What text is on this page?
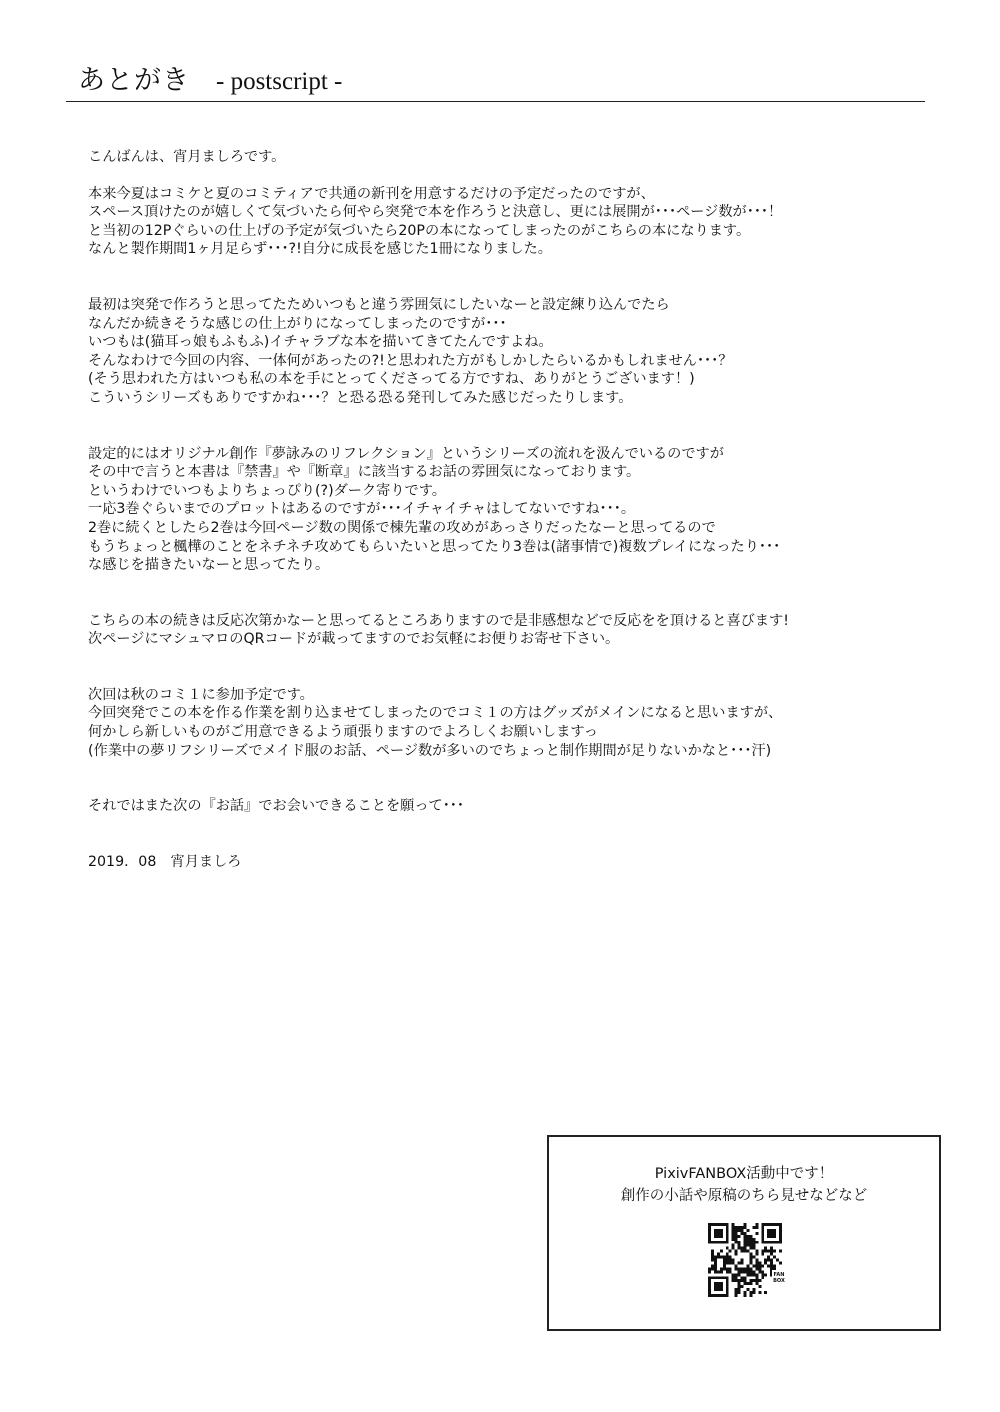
あとがき - postscript -
こんばんは、宵月ましろです。
本来今夏はコミケと夏のコミティアで共通の新刊を用意するだけの予定だったのですが、
スペース頂けたのが嬉しくて気づいたら何やら突発で本を作ろうと決意し、更には展開が･･･ページ数が･･･！
と当初の12Pぐらいの仕上げの予定が気づいたら20Pの本になってしまったのがこちらの本になります。
なんと製作期間1ヶ月足らず･･･?!自分に成長を感じた1冊になりました。
最初は突発で作ろうと思ってたためいつもと違う雰囲気にしたいなーと設定練り込んでたら
なんだか続きそうな感じの仕上がりになってしまったのですが･･･
いつもは(猫耳っ娘もふもふ)イチャラブな本を描いてきてたんですよね。
そんなわけで今回の内容、一体何があったの?!と思われた方がもしかしたらいるかもしれません･･･？
(そう思われた方はいつも私の本を手にとってくださってる方ですね、ありがとうございます！)
こういうシリーズもありですかね･･･？と恐る恐る発刊してみた感じだったりします。
設定的にはオリジナル創作『夢詠みのリフレクション』というシリーズの流れを汲んでいるのですが
その中で言うと本書は『禁書』や『断章』に該当するお話の雰囲気になっております。
というわけでいつもよりちょっぴり(?)ダーク寄りです。
一応3巻ぐらいまでのプロットはあるのですが･･･イチャイチャはしてないですね･･･。
2巻に続くとしたら2巻は今回ページ数の関係で棟先輩の攻めがあっさりだったなーと思ってるので
もうちょっと楓樺のことをネチネチ攻めてもらいたいと思ってたり3巻は(諸事情で)複数プレイになったり･･･
な感じを描きたいなーと思ってたり。
こちらの本の続きは反応次第かなーと思ってるところありますので是非感想などで反応をを頂けると喜びます!
次ページにマシュマロのQRコードが載ってますのでお気軽にお便りお寄せ下さい。
次回は秋のコミ１に参加予定です。
今回突発でこの本を作る作業を割り込ませてしまったのでコミ１の方はグッズがメインになると思いますが、
何かしら新しいものがご用意できるよう頑張りますのでよろしくお願いしますっ
(作業中の夢リフシリーズでメイド服のお話、ページ数が多いのでちょっと制作期間が足りないかなと･･･汗)
それではまた次の『お話』でお会いできることを願って･･･
2019．08　宵月ましろ
PixivFANBOX活動中です！
創作の小話や原稿のちら見せなどなど
FAN BOX
